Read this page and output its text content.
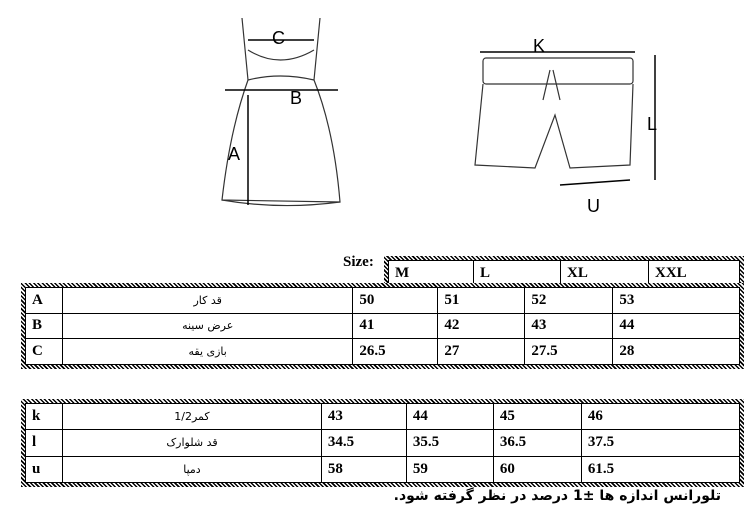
C
B
A
K
L
U
Size:
M	L	XL	XXL
A	قد کار	50	51	52	53
B	عرض سینه	41	42	43	44
C	بازی یقه	26.5	27	27.5	28
k	1/2کمر	43	44	45	46
l	قد شلوارک	34.5	35.5	36.5	37.5
u	دمپا	58	59	60	61.5
تلورانس اندازه ها ±1 درصد در نظر گرفته شود.
